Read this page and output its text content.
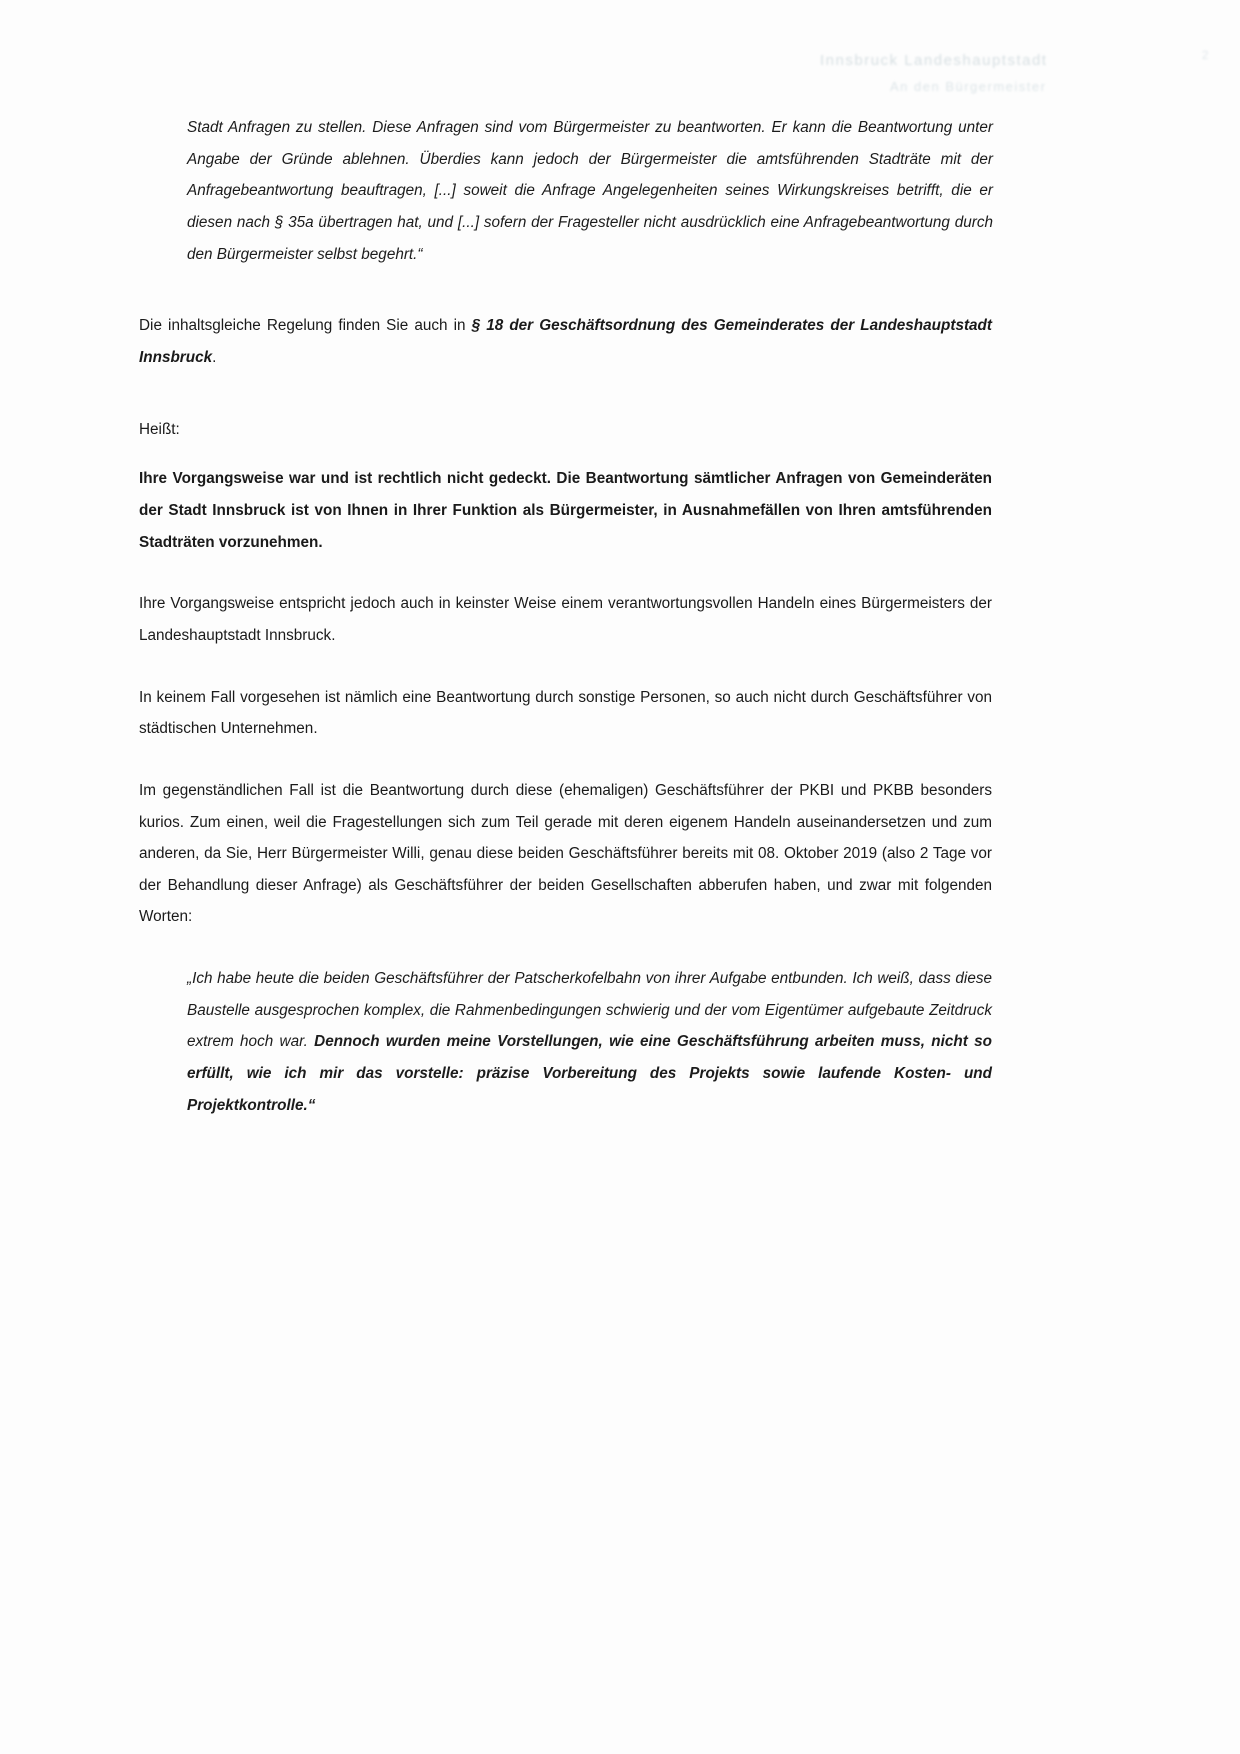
Innsbruck Landeshauptstadt
An den Bürgermeister
2

Stadt Anfragen zu stellen. Diese Anfragen sind vom Bürgermeister zu beantworten. Er kann die Beantwortung unter Angabe der Gründe ablehnen. Überdies kann jedoch der Bürgermeister die amtsführenden Stadträte mit der Anfragebeantwortung beauftragen, [...] soweit die Anfrage Angelegenheiten seines Wirkungskreises betrifft, die er diesen nach § 35a übertragen hat, und [...] sofern der Fragesteller nicht ausdrücklich eine Anfragebeantwortung durch den Bürgermeister selbst begehrt.“

Die inhaltsgleiche Regelung finden Sie auch in § 18 der Geschäftsordnung des Gemeinderates der Landeshauptstadt Innsbruck.

Heißt:

Ihre Vorgangsweise war und ist rechtlich nicht gedeckt. Die Beantwortung sämtlicher Anfragen von Gemeinderäten der Stadt Innsbruck ist von Ihnen in Ihrer Funktion als Bürgermeister, in Ausnahmefällen von Ihren amtsführenden Stadträten vorzunehmen.

Ihre Vorgangsweise entspricht jedoch auch in keinster Weise einem verantwortungsvollen Handeln eines Bürgermeisters der Landeshauptstadt Innsbruck.

In keinem Fall vorgesehen ist nämlich eine Beantwortung durch sonstige Personen, so auch nicht durch Geschäftsführer von städtischen Unternehmen.

Im gegenständlichen Fall ist die Beantwortung durch diese (ehemaligen) Geschäftsführer der PKBI und PKBB besonders kurios. Zum einen, weil die Fragestellungen sich zum Teil gerade mit deren eigenem Handeln auseinandersetzen und zum anderen, da Sie, Herr Bürgermeister Willi, genau diese beiden Geschäftsführer bereits mit 08. Oktober 2019 (also 2 Tage vor der Behandlung dieser Anfrage) als Geschäftsführer der beiden Gesellschaften abberufen haben, und zwar mit folgenden Worten:

„Ich habe heute die beiden Geschäftsführer der Patscherkofelbahn von ihrer Aufgabe entbunden. Ich weiß, dass diese Baustelle ausgesprochen komplex, die Rahmenbedingungen schwierig und der vom Eigentümer aufgebaute Zeitdruck extrem hoch war. Dennoch wurden meine Vorstellungen, wie eine Geschäftsführung arbeiten muss, nicht so erfüllt, wie ich mir das vorstelle: präzise Vorbereitung des Projekts sowie laufende Kosten- und Projektkontrolle.“
